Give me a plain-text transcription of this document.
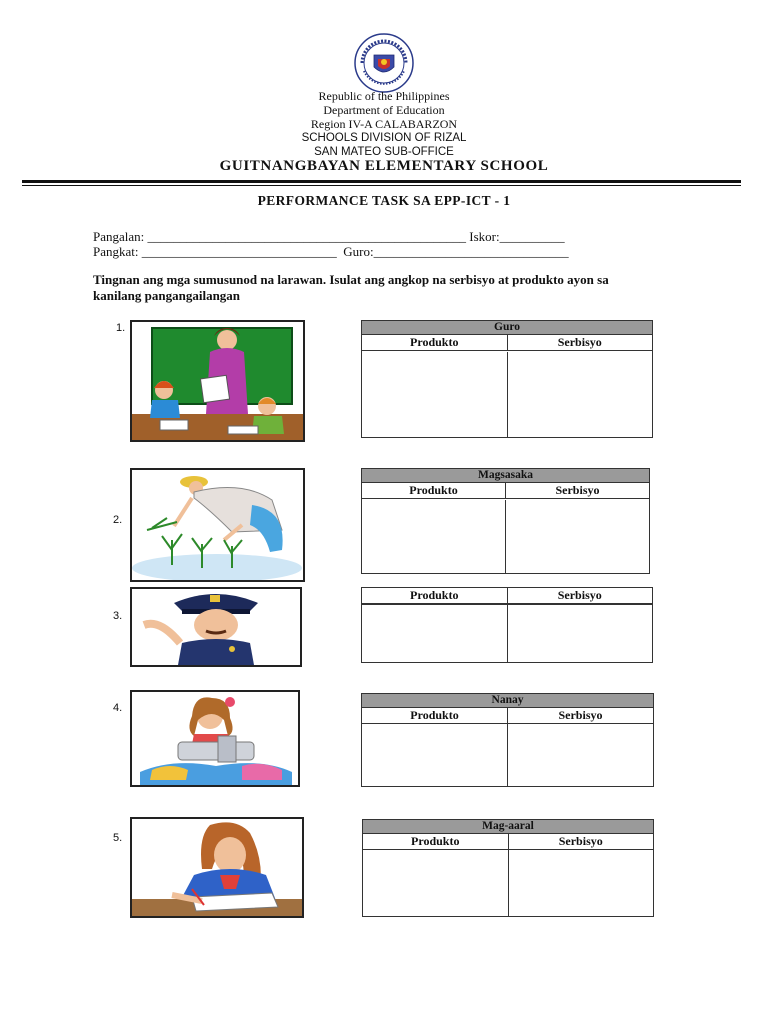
Republic of the Philippines
Department of Education
Region IV-A CALABARZON
SCHOOLS DIVISION OF RIZAL
SAN MATEO SUB-OFFICE
GUITNANGBAYAN ELEMENTARY SCHOOL
PERFORMANCE TASK SA EPP-ICT - 1
Pangalan: _________________________________________________ Iskor:__________
Pangkat: ______________________________  Guro:______________________________
Tingnan ang mga sumusunod na larawan. Isulat ang angkop na serbisyo at produkto ayon sa
kanilang pangangailangan
1.	Guro
Produkto	Serbisyo
2.
Magsasaka
Produkto	Serbisyo
3.
Produkto	Serbisyo
4.
Nanay
Produkto	Serbisyo
5.
Mag-aaral
Produkto	Serbisyo
